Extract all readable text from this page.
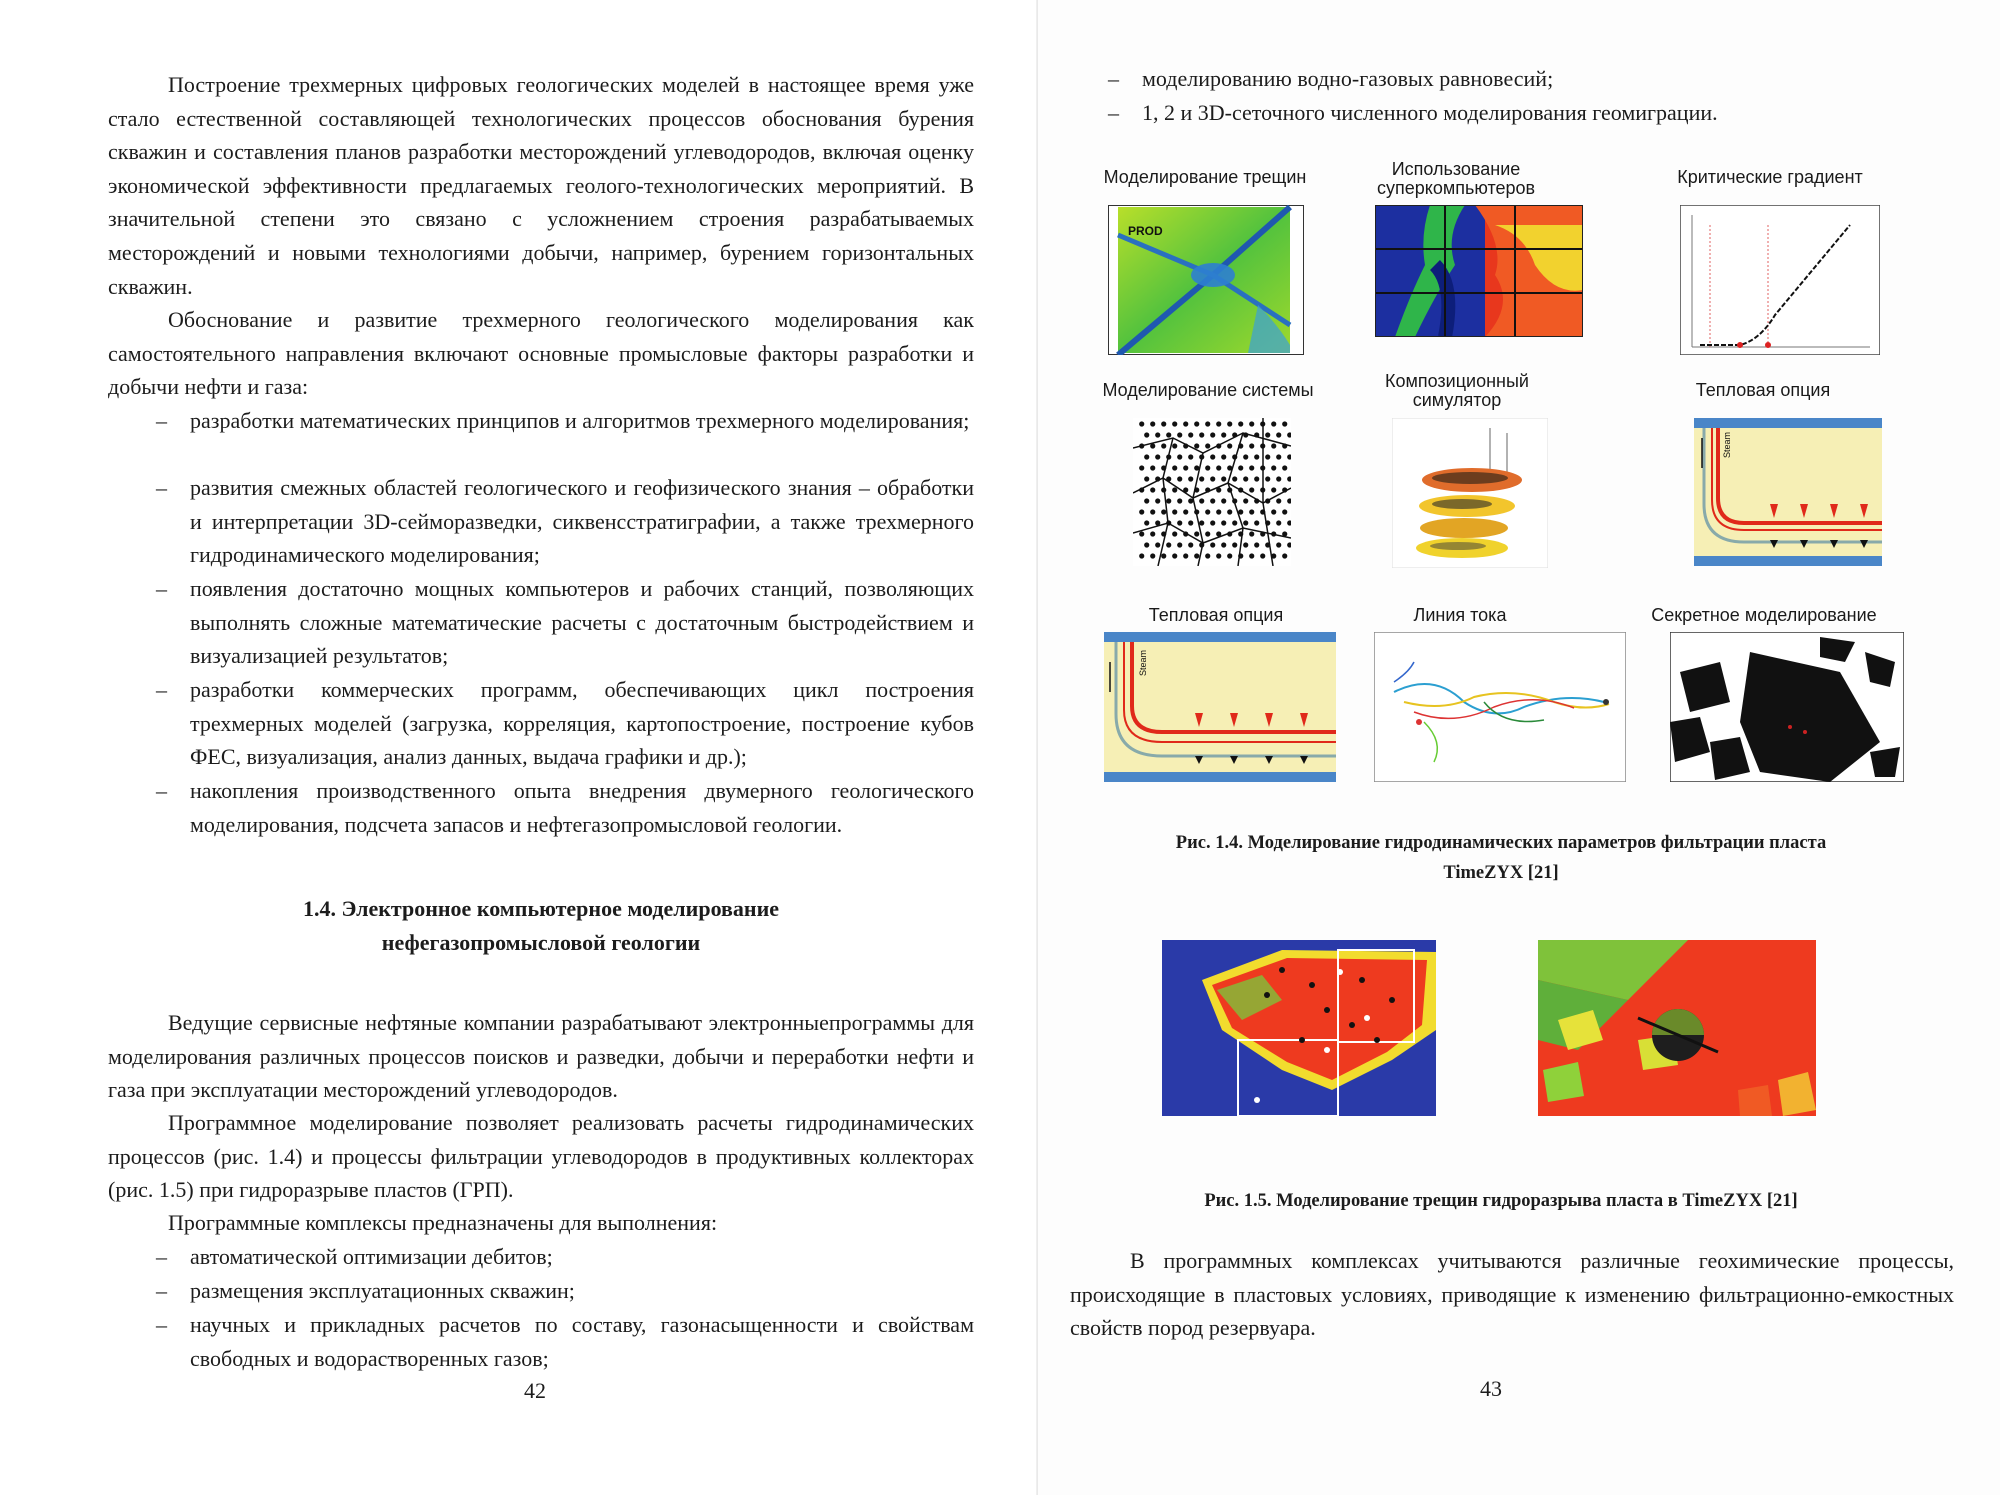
Построение трехмерных цифровых геологических моделей в настоящее время уже стало естественной составляющей технологических процессов обоснования бурения скважин и составления планов разработки месторождений углеводородов, включая оценку экономической эффективности предлагаемых геолого-технологических мероприятий. В значительной степени это связано с усложнением строения разрабатываемых месторождений и новыми технологиями добычи, например, бурением горизонтальных скважин.

Обоснование и развитие трехмерного геологического моделирования как самостоятельного направления включают основные промысловые факторы разработки и добычи нефти и газа:

– разработки математических принципов и алгоритмов трехмерного моделирования;

– развития смежных областей геологического и геофизического знания – обработки и интерпретации 3D-сейморазведки, сиквенсстратиграфии, а также трехмерного гидродинамического моделирования;

– появления достаточно мощных компьютеров и рабочих станций, позволяющих выполнять сложные математические расчеты с достаточным быстродействием и визуализацией результатов;

– разработки коммерческих программ, обеспечивающих цикл построения трехмерных моделей (загрузка, корреляция, картопостроение, построение кубов ФЕС, визуализация, анализ данных, выдача графики и др.);

– накопления производственного опыта внедрения двумерного геологического моделирования, подсчета запасов и нефтегазопромысловой геологии.

1.4. Электронное компьютерное моделирование
нефегазопромысловой геологии

Ведущие сервисные нефтяные компании разрабатывают электронныепрограммы для моделирования различных процессов поисков и разведки, добычи и переработки нефти и газа при эксплуатации месторождений углеводородов.

Программное моделирование позволяет реализовать расчеты гидродинамических процессов (рис. 1.4) и процессы фильтрации углеводородов в продуктивных коллекторах (рис. 1.5) при гидроразрыве пластов (ГРП).

Программные комплексы предназначены для выполнения:

– автоматической оптимизации дебитов;

– размещения эксплуатационных скважин;

– научных и прикладных расчетов по составу, газонасыщенности и свойствам свободных и водорастворенных газов;

42
– моделированию водно-газовых равновесий;

– 1, 2 и 3D-сеточного численного моделирования геомиграции.

Моделирование трещин	Использование суперкомпьютеров
Критические градиент
PROD
Моделирование системы	Композиционный симулятор	Тепловая опция
Steam
Тепловая опция	Линия тока	Секретное моделирование
Steam
Рис. 1.4. Моделирование гидродинамических параметров фильтрации пласта
TimeZYX [21]
Рис. 1.5. Моделирование трещин гидроразрыва пласта в TimeZYX [21]

В программных комплексах учитываются различные геохимические процессы, происходящие в пластовых условиях, приводящие к изменению фильтрационно-емкостных свойств пород резервуара.

43
